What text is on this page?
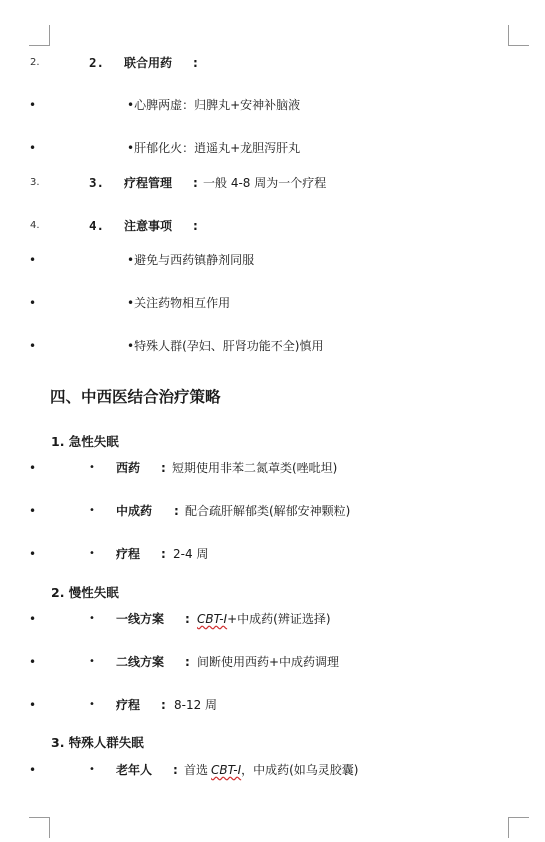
2.	2. 联合用药 :
•	•心脾两虚：归脾丸+安神补脑液
•	•肝郁化火：逍遥丸+龙胆泻肝丸
3.	3. 疗程管理 : 一般 4-8 周为一个疗程
4.	4. 注意事项 :
•	•避免与西药镇静剂同服
•	•关注药物相互作用
•	•特殊人群(孕妇、肝肾功能不全)慎用
四、中西医结合治疗策略
1. 急性失眠
•	• 西药 : 短期使用非苯二氮䓬类(唑吡坦)
•	• 中成药 : 配合疏肝解郁类(解郁安神颗粒)
•	• 疗程 : 2-4 周
2. 慢性失眠
•	• 一线方案 : CBT-I+中成药(辨证选择)
•	• 二线方案 : 间断使用西药+中成药调理
•	• 疗程 : 8-12 周
3. 特殊人群失眠
•	• 老年人 : 首选 CBT-I，中成药(如乌灵胶囊)
